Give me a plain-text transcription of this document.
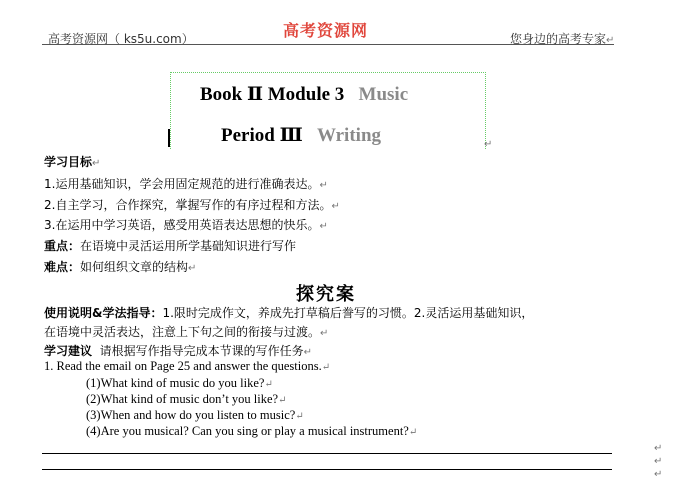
高考资源网（ ks5u.com）	高考资源网	您身边的高考专家↵
Book Ⅱ Module 3 Music
Period Ⅲ Writing	↵
学习目标↵
1.运用基础知识，学会用固定规范的进行准确表达。↵
2.自主学习，合作探究，掌握写作的有序过程和方法。↵
3.在运用中学习英语，感受用英语表达思想的快乐。↵
重点：在语境中灵活运用所学基础知识进行写作
难点：如何组织文章的结构↵
探究案
使用说明&学法指导：1.限时完成作文，养成先打草稿后誊写的习惯。2.灵活运用基础知识，
在语境中灵活表达，注意上下句之间的衔接与过渡。↵
学习建议 请根据写作指导完成本节课的写作任务↵
1. Read the email on Page 25 and answer the questions.↵
(1)What kind of music do you like?↵
(2)What kind of music don’t you like?↵
(3)When and how do you listen to music?↵
(4)Are you musical? Can you sing or play a musical instrument?↵
↵
↵
↵
